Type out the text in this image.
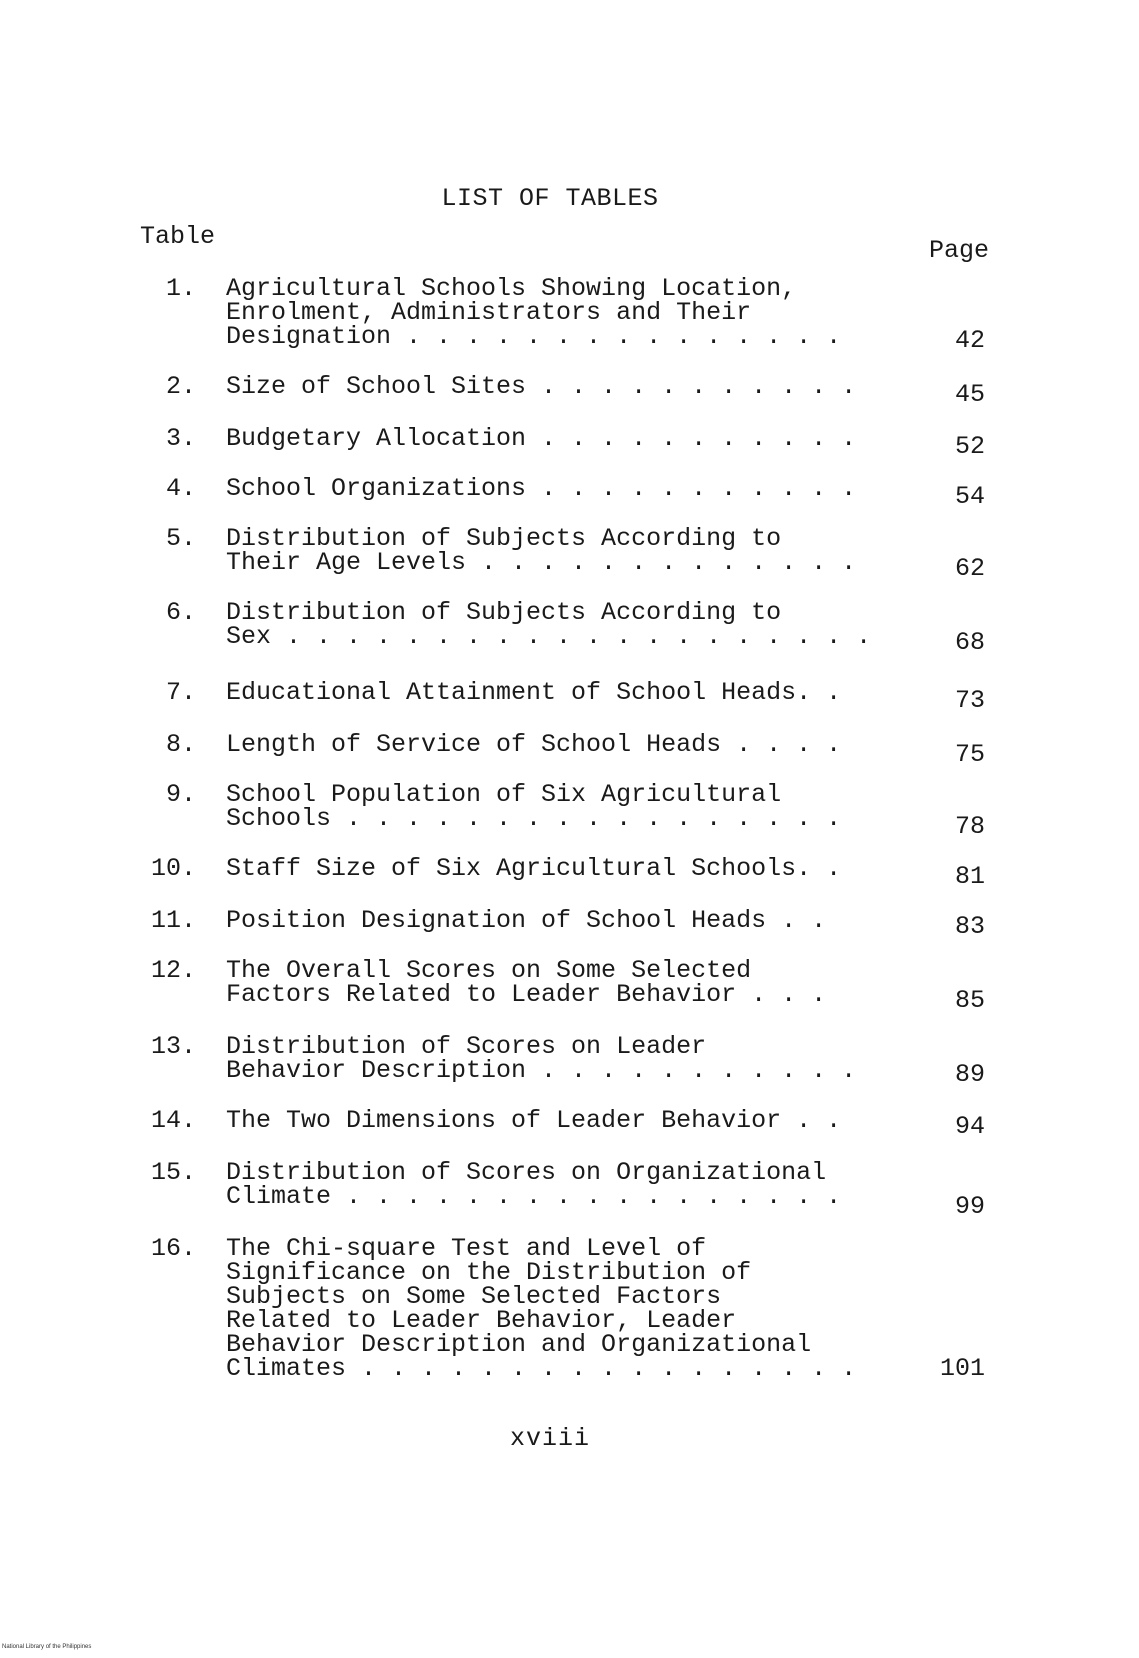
LIST OF TABLES
Table	Page
1. Agricultural Schools Showing Location,
Enrolment, Administrators and Their
Designation . . . . . . . . . . . . . . .	42
2. Size of School Sites . . . . . . . . . . .	45
3. Budgetary Allocation . . . . . . . . . . .	52
4. School Organizations . . . . . . . . . . .	54
5. Distribution of Subjects According to
Their Age Levels . . . . . . . . . . . . .	62
6. Distribution of Subjects According to
Sex . . . . . . . . . . . . . . . . . . . .	68
7. Educational Attainment of School Heads. .	73
8. Length of Service of School Heads . . . .	75
9. School Population of Six Agricultural
Schools . . . . . . . . . . . . . . . . .	78
10. Staff Size of Six Agricultural Schools. .	81
11. Position Designation of School Heads . .	83
12. The Overall Scores on Some Selected
Factors Related to Leader Behavior . . .	85
13. Distribution of Scores on Leader
Behavior Description . . . . . . . . . . .	89
14. The Two Dimensions of Leader Behavior . .	94
15. Distribution of Scores on Organizational
Climate . . . . . . . . . . . . . . . . .	99
16. The Chi-square Test and Level of
Significance on the Distribution of
Subjects on Some Selected Factors
Related to Leader Behavior, Leader
Behavior Description and Organizational
Climates . . . . . . . . . . . . . . . . .	101
xviii
National Library of the Philippines
